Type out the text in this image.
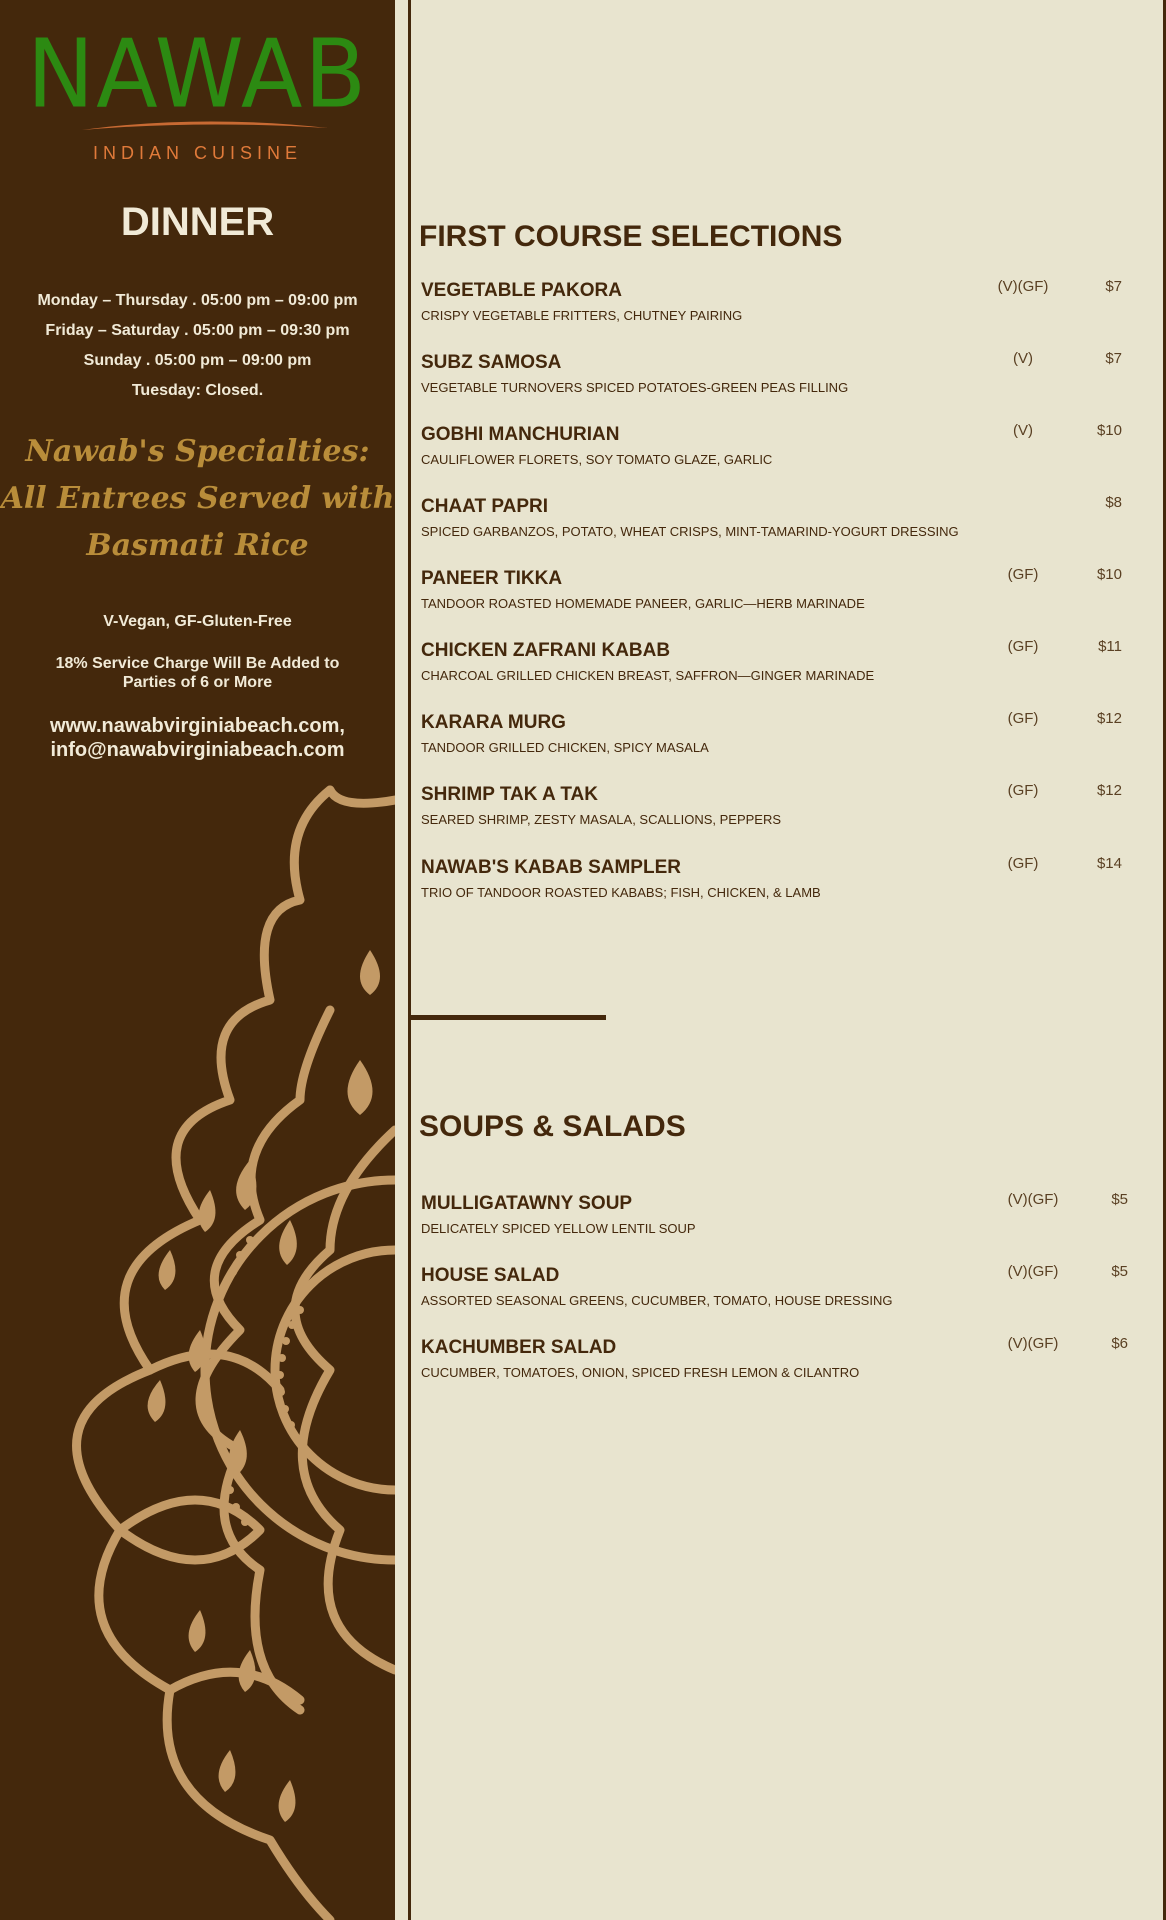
NAWAB
INDIAN CUISINE
DINNER
Monday – Thursday . 05:00 pm – 09:00 pm
Friday – Saturday . 05:00 pm – 09:30 pm
Sunday . 05:00 pm – 09:00 pm
Tuesday: Closed.
Nawab's Specialties:
All Entrees Served with
Basmati Rice
V-Vegan, GF-Gluten-Free
18% Service Charge Will Be Added to
Parties of 6 or More
www.nawabvirginiabeach.com,
info@nawabvirginiabeach.com
FIRST COURSE SELECTIONS
VEGETABLE PAKORA
CRISPY VEGETABLE FRITTERS, CHUTNEY PAIRING
(V)(GF)	$7
SUBZ SAMOSA
VEGETABLE TURNOVERS SPICED POTATOES-GREEN PEAS FILLING
(V)	$7
GOBHI MANCHURIAN
CAULIFLOWER FLORETS, SOY TOMATO GLAZE, GARLIC
(V)	$10
CHAAT PAPRI
SPICED GARBANZOS, POTATO, WHEAT CRISPS, MINT-TAMARIND-YOGURT DRESSING
$8
PANEER TIKKA
TANDOOR ROASTED HOMEMADE PANEER, GARLIC—HERB MARINADE
(GF)	$10
CHICKEN ZAFRANI KABAB
CHARCOAL GRILLED CHICKEN BREAST, SAFFRON—GINGER MARINADE
(GF)	$11
KARARA MURG
TANDOOR GRILLED CHICKEN, SPICY MASALA
(GF)	$12
SHRIMP TAK A TAK
SEARED SHRIMP, ZESTY MASALA, SCALLIONS, PEPPERS
(GF)	$12
NAWAB'S KABAB SAMPLER
TRIO OF TANDOOR ROASTED KABABS; FISH, CHICKEN, & LAMB
(GF)	$14
SOUPS & SALADS
MULLIGATAWNY SOUP
DELICATELY SPICED YELLOW LENTIL SOUP
(V)(GF)	$5
HOUSE SALAD
ASSORTED SEASONAL GREENS, CUCUMBER, TOMATO, HOUSE DRESSING
(V)(GF)	$5
KACHUMBER SALAD
CUCUMBER, TOMATOES, ONION, SPICED FRESH LEMON & CILANTRO
(V)(GF)	$6
